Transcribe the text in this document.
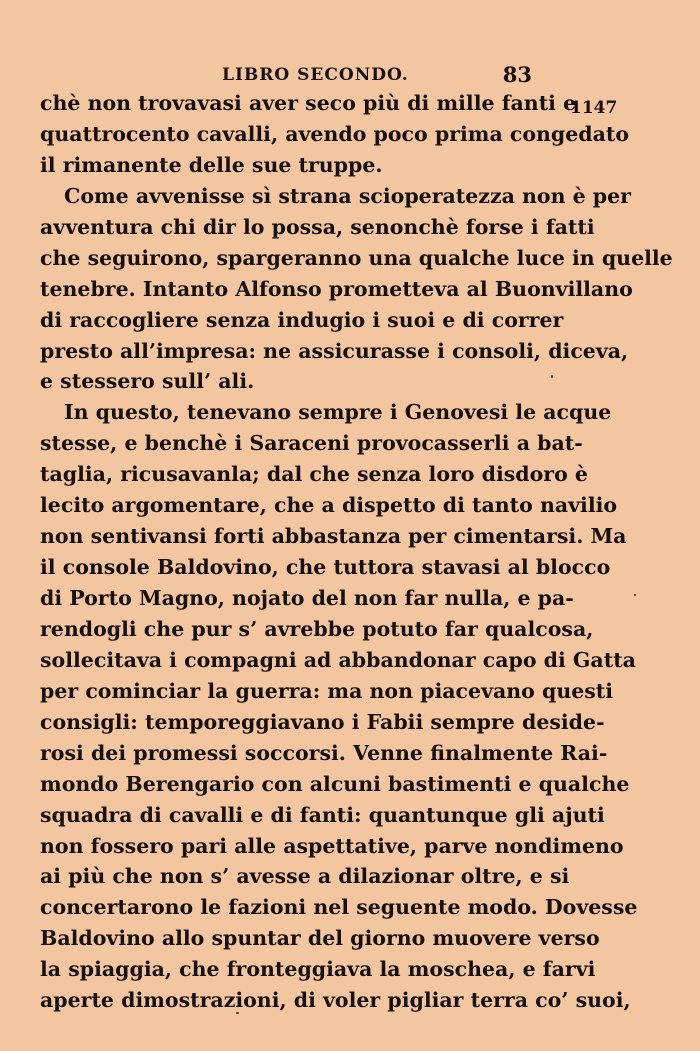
LIBRO SECONDO.	83
1147
chè non trovavasi aver seco più di mille fanti e
quattrocento cavalli, avendo poco prima congedato
il rimanente delle sue truppe.
Come avvenisse sì strana scioperatezza non è per
avventura chi dir lo possa, senonchè forse i fatti
che seguirono, spargeranno una qualche luce in quelle
tenebre. Intanto Alfonso prometteva al Buonvillano
di raccogliere senza indugio i suoi e di correr
presto all’impresa: ne assicurasse i consoli, diceva,
e stessero sull’ ali.
In questo, tenevano sempre i Genovesi le acque
stesse, e benchè i Saraceni provocasserli a bat-
taglia, ricusavanla; dal che senza loro disdoro è
lecito argomentare, che a dispetto di tanto navilio
non sentivansi forti abbastanza per cimentarsi. Ma
il console Baldovino, che tuttora stavasi al blocco
di Porto Magno, nojato del non far nulla, e pa-
rendogli che pur s’ avrebbe potuto far qualcosa,
sollecitava i compagni ad abbandonar capo di Gatta
per cominciar la guerra: ma non piacevano questi
consigli: temporeggiavano i Fabii sempre deside-
rosi dei promessi soccorsi. Venne finalmente Rai-
mondo Berengario con alcuni bastimenti e qualche
squadra di cavalli e di fanti: quantunque gli ajuti
non fossero pari alle aspettative, parve nondimeno
ai più che non s’ avesse a dilazionar oltre, e si
concertarono le fazioni nel seguente modo. Dovesse
Baldovino allo spuntar del giorno muovere verso
la spiaggia, che fronteggiava la moschea, e farvi
aperte dimostrazioni, di voler pigliar terra co’ suoi,
